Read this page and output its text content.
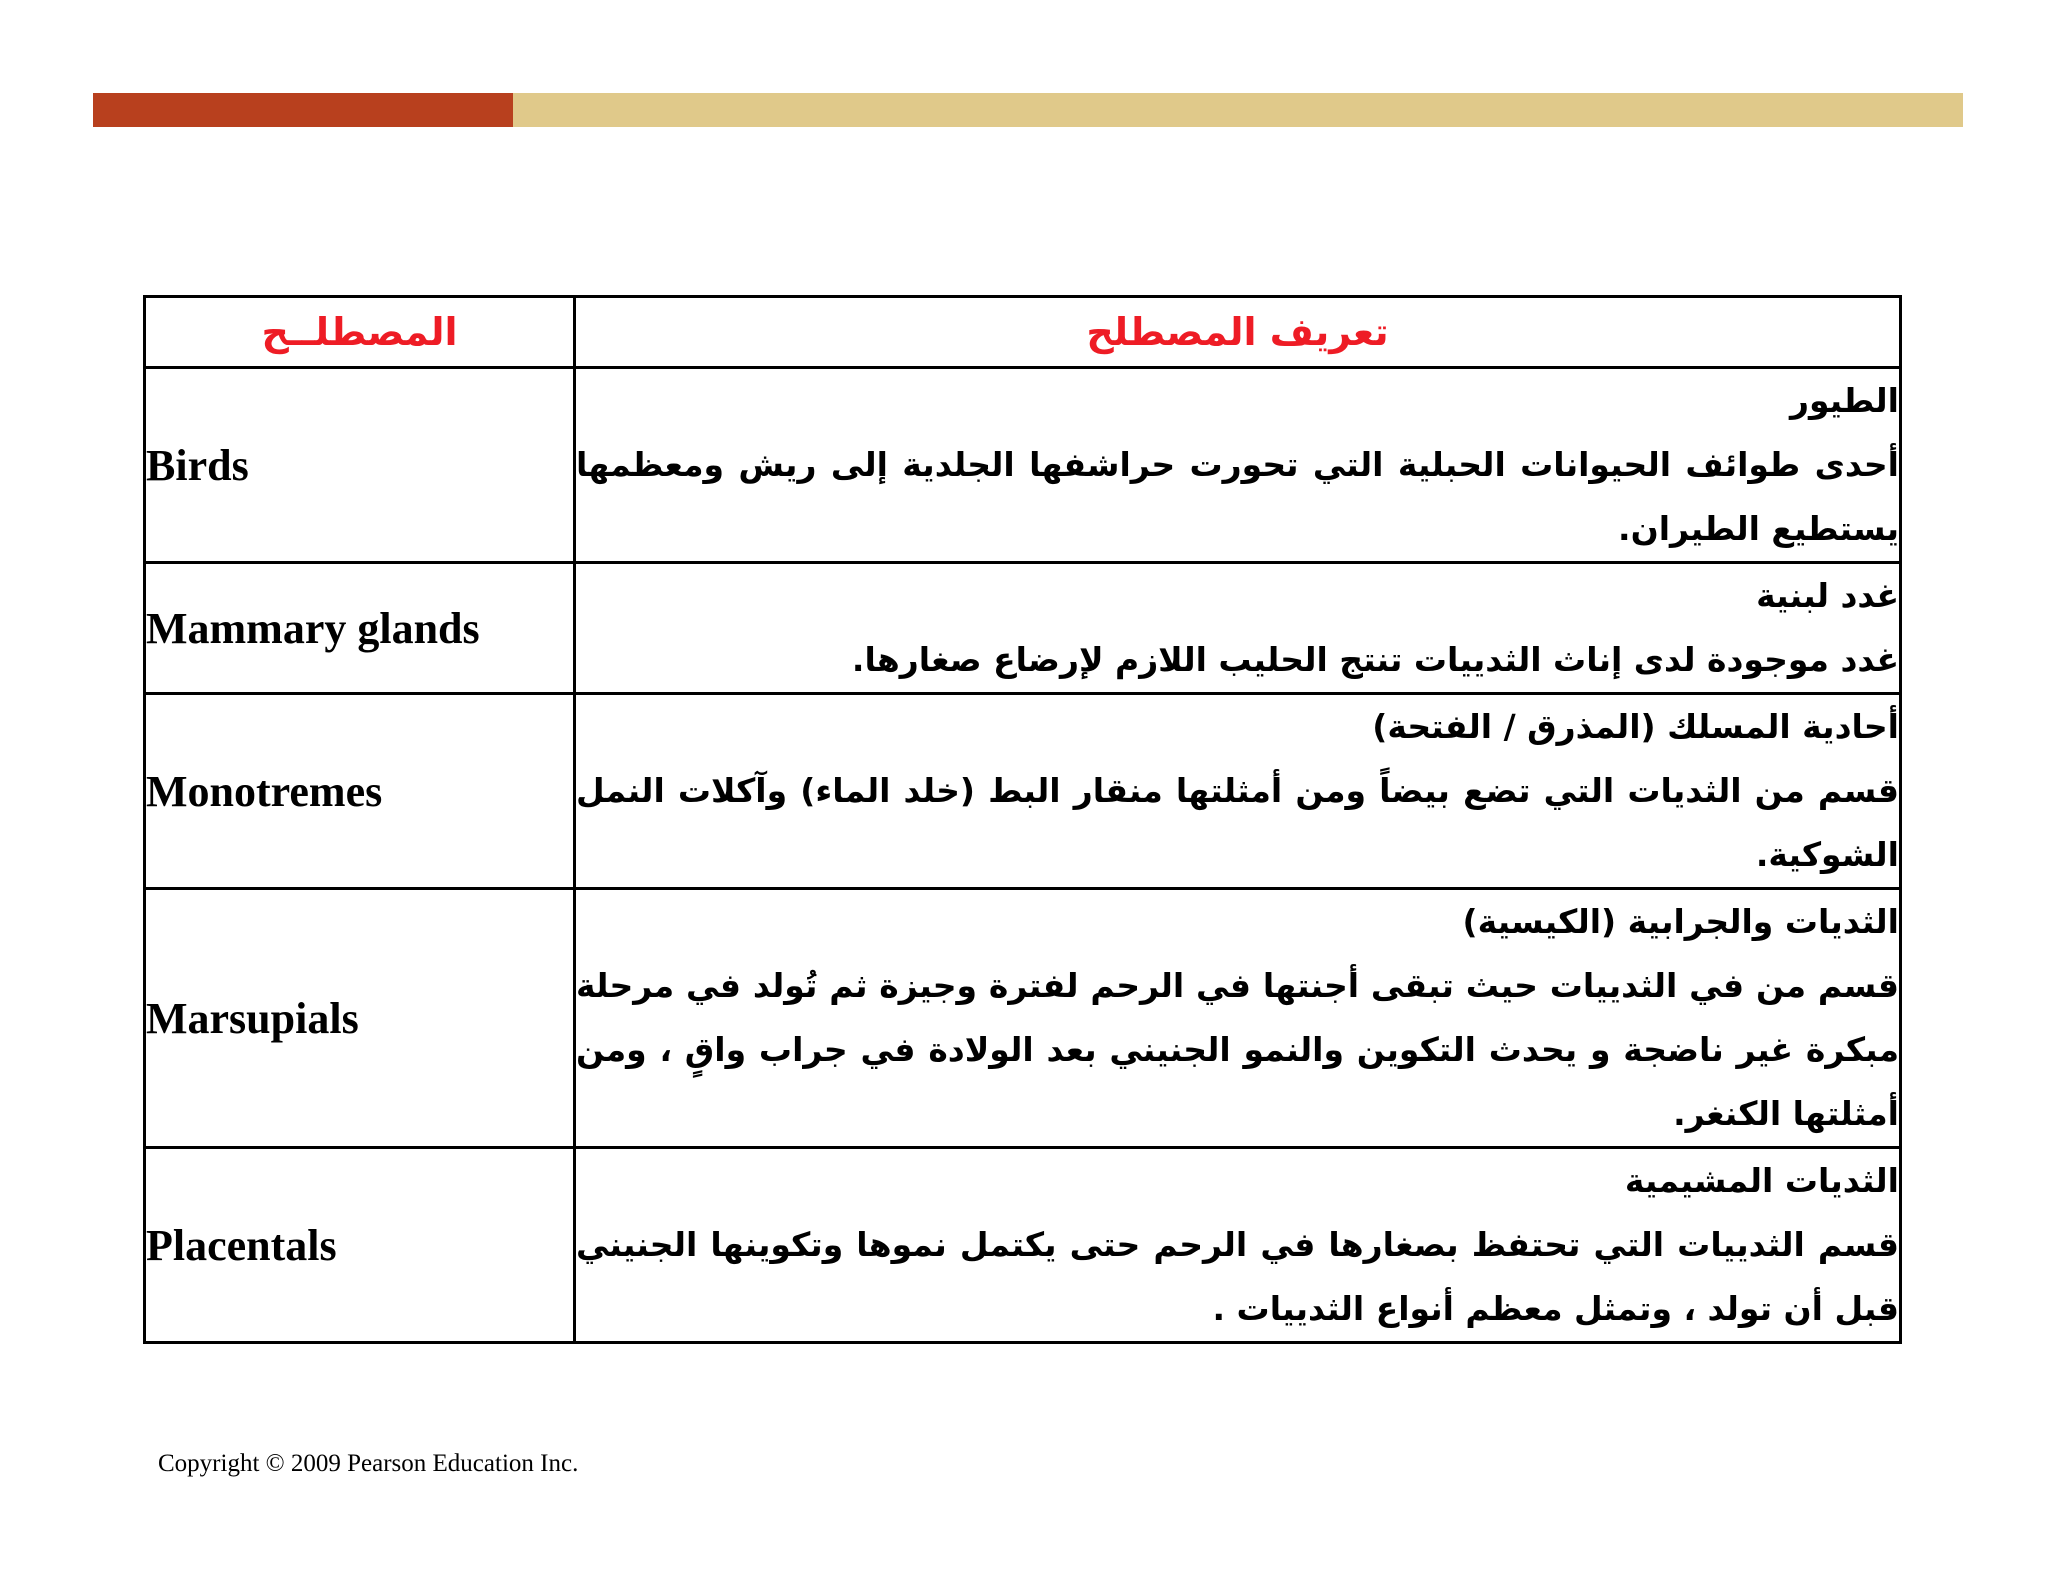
المصطلــح	تعريف المصطلح
Birds	الطيور
أحدى طوائف الحيوانات الحبلية التي تحورت حراشفها الجلدية إلى ريش ومعظمها يستطيع الطيران.

Mammary glands	غدد لبنية
غدد موجودة لدى إناث الثدييات تنتج الحليب اللازم لإرضاع صغارها.

Monotremes	أحادية المسلك (المذرق / الفتحة)
قسم من الثديات التي تضع بيضاً ومن أمثلتها منقار البط (خلد الماء) وآكلات النمل الشوكية.

Marsupials	الثديات والجرابية (الكيسية)
قسم من في الثدييات حيث تبقى أجنتها في الرحم لفترة وجيزة ثم تُولد في مرحلة مبكرة غير ناضجة و يحدث التكوين والنمو الجنيني بعد الولادة في جراب واقٍ ، ومن أمثلتها الكنغر.

Placentals	الثديات المشيمية
قسم الثدييات التي تحتفظ بصغارها في الرحم حتى يكتمل نموها وتكوينها الجنيني قبل أن تولد ، وتمثل معظم أنواع الثدييات .
Copyright © 2009 Pearson Education Inc.
